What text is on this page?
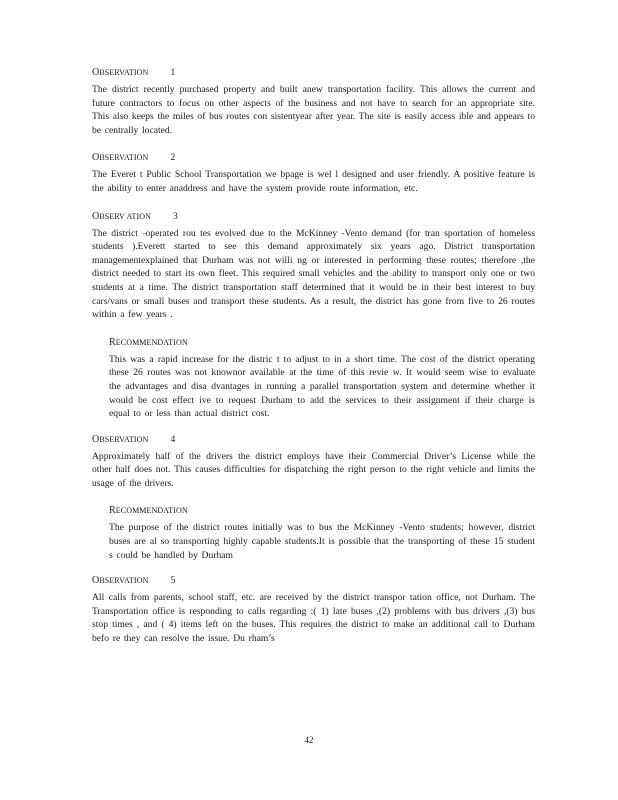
O BSERVATION 1

The district recently purchased property and built anew transportation facility. This allows the current and future contractors to focus on other aspects of the business and not have to search for an appropriate site. This also keeps the miles of bus routes con sistentyear after year. The site is easily access ible and appears to be centrally located.

O BSERVATION 2

The Everet t Public School Transportation we bpage is wel l designed and user friendly. A positive feature is the ability to enter anaddress and have the system provide route information, etc.

O BSERV ATION 3

The district -operated rou tes evolved due to the McKinney -Vento demand (for tran sportation of homeless students ).Everett started to see this demand approximately six years ago. District transportation managementexplained that Durham was not willi ng or interested in performing these routes; therefore ,the district needed to start its own fleet. This required small vehicles and the ability to transport only one or two students at a time. The district transportation staff determined that it would be in their best interest to buy cars/vans or small buses and transport these students. As a result, the district has gone from five to 26 routes within a few years .

R ECOMMENDATION

This was a rapid increase for the distric t to adjust to in a short time. The cost of the district operating these 26 routes was not knownor available at the time of this revie w. It would seem wise to evaluate the advantages and disa dvantages in running a parallel transportation system and determine whether it would be cost effect ive to request Durham to add the services to their assignment if their charge is equal to or less than actual district cost.

O BSERVATION 4

Approximately half of the drivers the district employs have their Commercial Driver’s License while the other half does not. This causes difficulties for dispatching the right person to the right vehicle and limits the usage of the drivers.

R ECOMMENDATION

The purpose of the district routes initially was to bus the McKinney -Vento students; however, district buses are al so transporting highly capable students.It is possible that the transporting of these 15 student s could be handled by Durham

O BSERVATION 5

All calls from parents, school staff, etc. are received by the district transpor tation office, not Durham. The Transportation office is responding to calls regarding :( 1) late buses ,(2) problems with bus drivers ,(3) bus stop times , and ( 4) items left on the buses. This requires the district to make an additional call to Durham befo re they can resolve the issue. Du rham’s

42
